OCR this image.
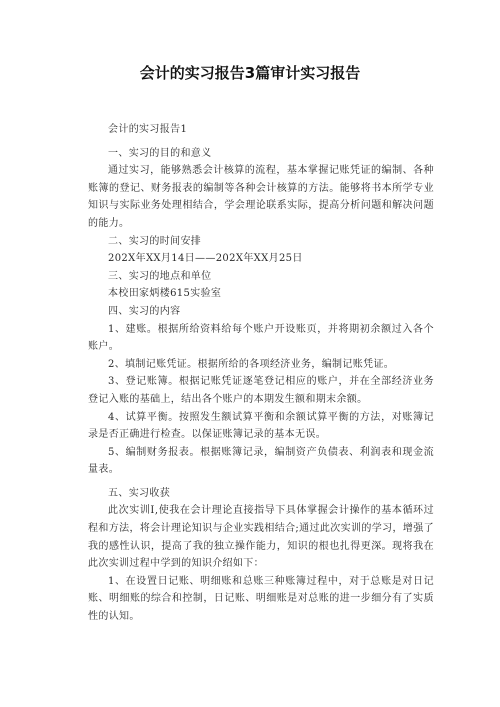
会计的实习报告3篇审计实习报告

会计的实习报告1

一、实习的目的和意义

通过实习，能够熟悉会计核算的流程，基本掌握记账凭证的编制、各种账簿的登记、财务报表的编制等各种会计核算的方法。能够将书本所学专业知识与实际业务处理相结合，学会理论联系实际，提高分析问题和解决问题的能力。

二、实习的时间安排

202X年XX月14日——202X年XX月25日

三、实习的地点和单位

本校田家炳楼615实验室

四、实习的内容

1、建账。根据所给资料给每个账户开设账页，并将期初余额过入各个账户。

2、填制记账凭证。根据所给的各项经济业务，编制记账凭证。

3、登记账簿。根据记账凭证逐笔登记相应的账户，并在全部经济业务登记入账的基础上，结出各个账户的本期发生额和期末余额。

4、试算平衡。按照发生额试算平衡和余额试算平衡的方法，对账簿记录是否正确进行检查。以保证账簿记录的基本无误。

5、编制财务报表。根据账簿记录，编制资产负债表、利润表和现金流量表。

五、实习收获

此次实训Ⅰ,使我在会计理论直接指导下具体掌握会计操作的基本循环过程和方法，将会计理论知识与企业实践相结合;通过此次实训的学习，增强了我的感性认识，提高了我的独立操作能力，知识的根也扎得更深。现将我在此次实训过程中学到的知识介绍如下：

1、在设置日记账、明细账和总账三种账簿过程中，对于总账是对日记账、明细账的综合和控制，日记账、明细账是对总账的进一步细分有了实质性的认知。
